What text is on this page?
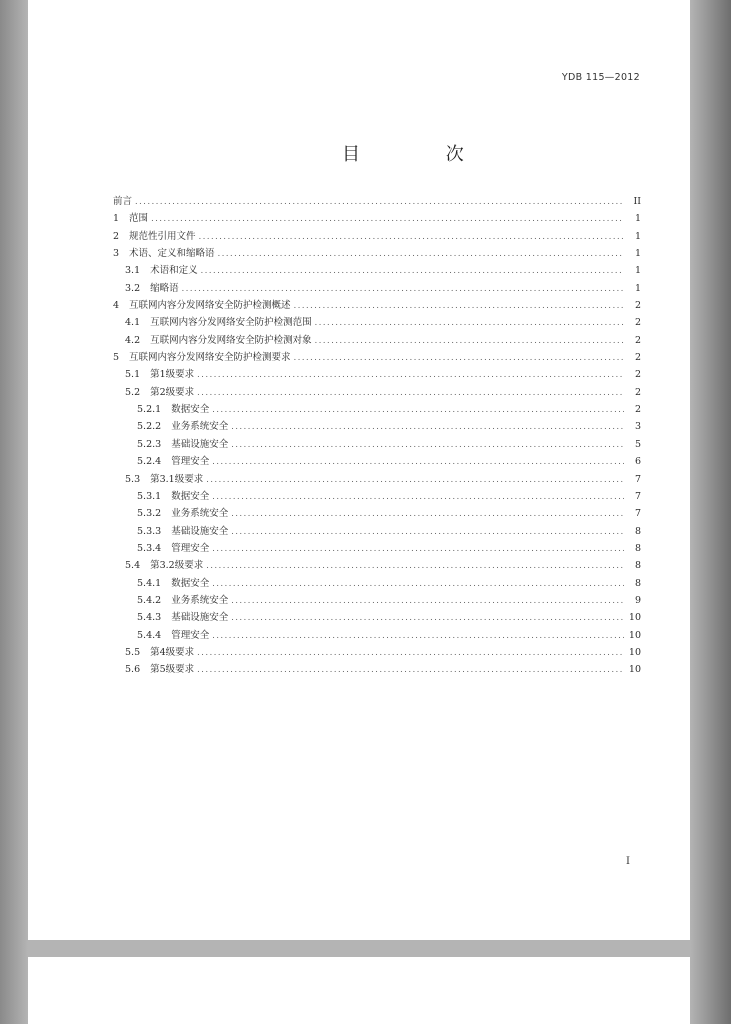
YDB 115—2012
目 次
前言 .....	II
1 范围 .....	1
2 规范性引用文件 .....	1
3 术语、定义和缩略语 .....	1
3.1 术语和定义 .....	1
3.2 缩略语 .....	1
4 互联网内容分发网络安全防护检测概述 .....	2
4.1 互联网内容分发网络安全防护检测范围 .....	2
4.2 互联网内容分发网络安全防护检测对象 .....	2
5 互联网内容分发网络安全防护检测要求 .....	2
5.1 第1级要求 .....	2
5.2 第2级要求 .....	2
5.2.1 数据安全 .....	2
5.2.2 业务系统安全 .....	3
5.2.3 基础设施安全 .....	5
5.2.4 管理安全 .....	6
5.3 第3.1级要求 .....	7
5.3.1 数据安全 .....	7
5.3.2 业务系统安全 .....	7
5.3.3 基础设施安全 .....	8
5.3.4 管理安全 .....	8
5.4 第3.2级要求 .....	8
5.4.1 数据安全 .....	8
5.4.2 业务系统安全 .....	9
5.4.3 基础设施安全 .....	10
5.4.4 管理安全 .....	10
5.5 第4级要求 .....	10
5.6 第5级要求 .....	10
I
